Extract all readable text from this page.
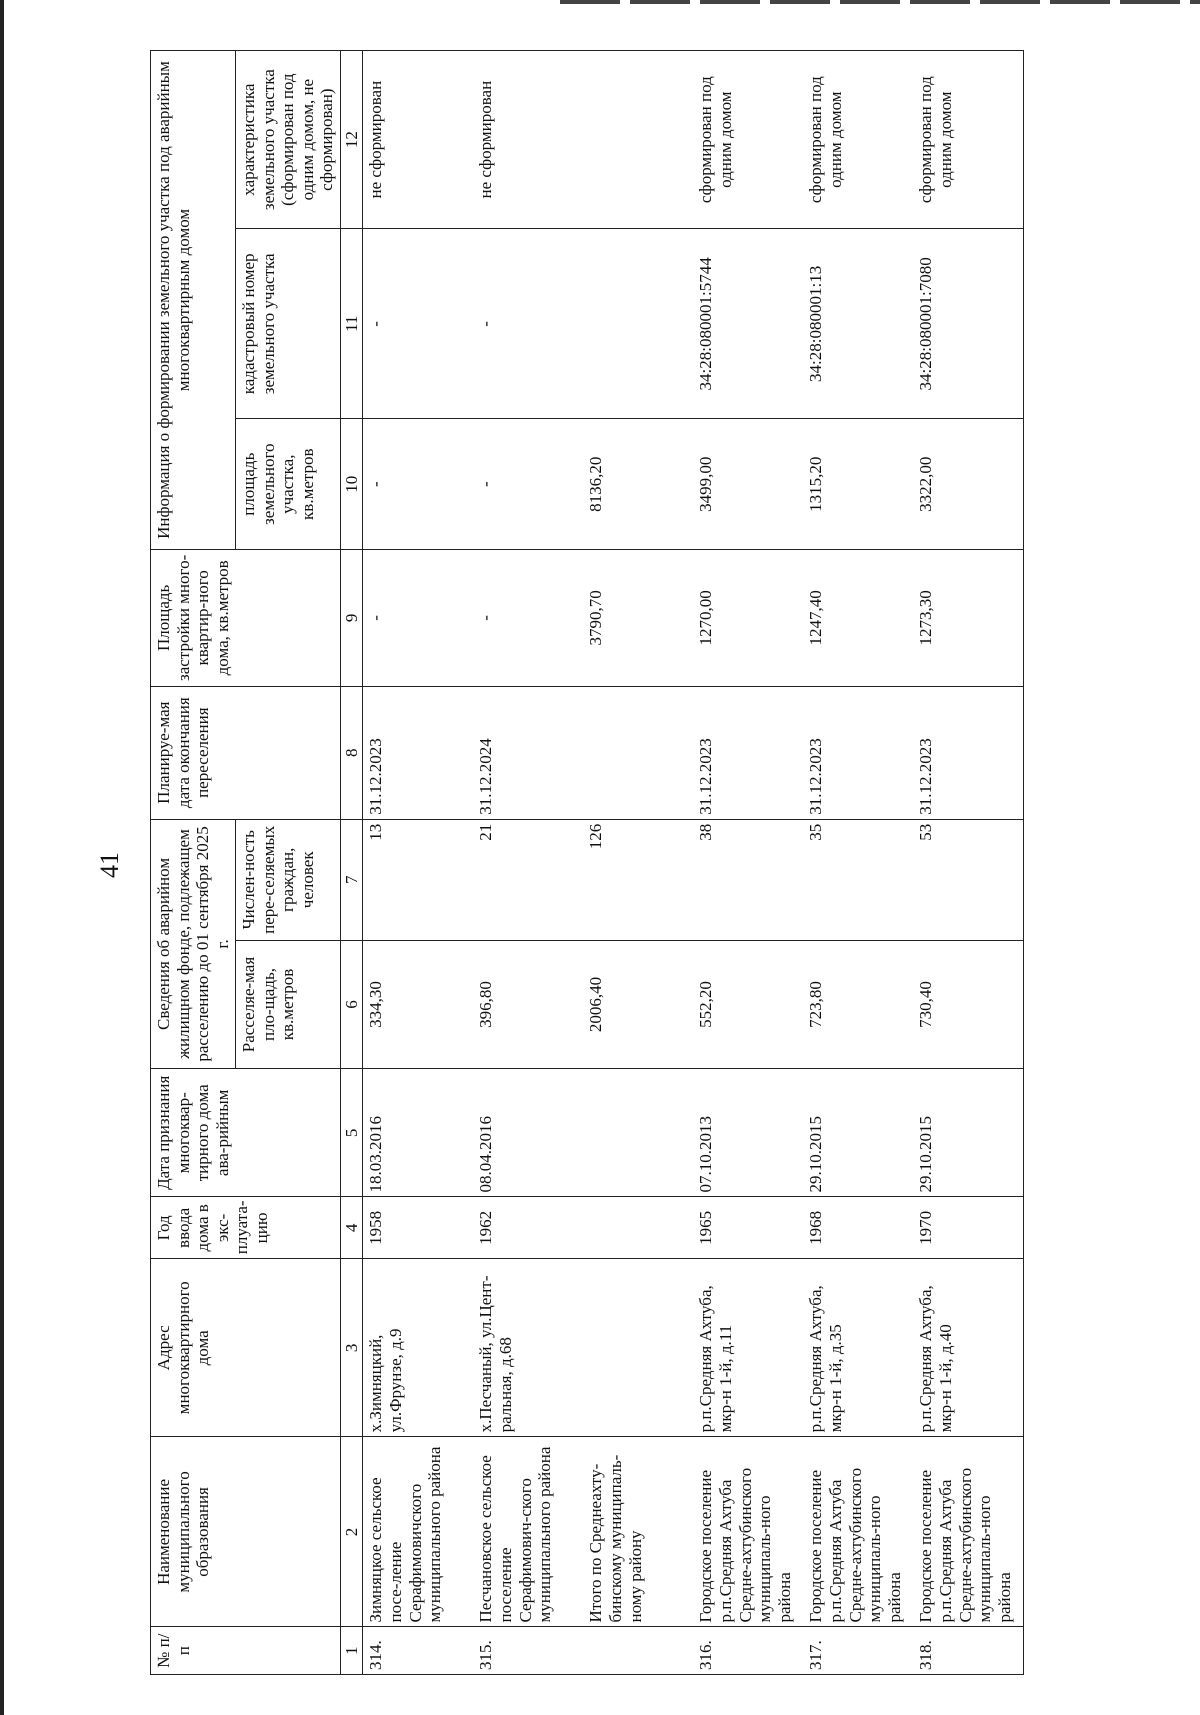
41
№ п/п	Наименование муниципального образования	Адрес многоквартирного дома	Год ввода дома в экс-плуата-цию	Дата признания многоквар-тирного дома ава-рийным	Сведения об аварийном жилищном фонде, подлежащем расселению до 01 сентября 2025 г.		Планируе-мая дата окончания переселения	Площадь застройки много-квартир-ного дома, кв.метров	Информация о формировании земельного участка под аварийным многоквартирным домом		
					Расселяе-мая пло-щадь, кв.метров	Числен-ность пере-селяемых граждан, человек			площадь земельного участка, кв.метров	кадастровый номер земельного участка	характеристика земельного участка (сформирован под одним домом, не сформирован)
1	2	3	4	5	6	7	8	9	10	11	12
314.	Зимняцкое сельское посе-ление Серафимовичского муниципального района	х.Зимняцкий, ул.Фрунзе, д.9	1958	18.03.2016	334,30	13	31.12.2023	-	-	-	не сформирован
315.	Песчановское сельское поселение Серафимович-ского муниципального района	х.Песчаный, ул.Цент-ральная, д.68	1962	08.04.2016	396,80	21	31.12.2024	-	-	-	не сформирован
	Итого по Среднеахту-бинскому муниципаль-ному району				2006,40	126		3790,70	8136,20		
316.	Городское поселение р.п.Средняя Ахтуба Средне-ахтубинского муниципаль-ного района	р.п.Средняя Ахтуба, мкр-н 1-й, д.11	1965	07.10.2013	552,20	38	31.12.2023	1270,00	3499,00	34:28:080001:5744	сформирован под одним домом
317.	Городское поселение р.п.Средняя Ахтуба Средне-ахтубинского муниципаль-ного района	р.п.Средняя Ахтуба, мкр-н 1-й, д.35	1968	29.10.2015	723,80	35	31.12.2023	1247,40	1315,20	34:28:080001:13	сформирован под одним домом
318.	Городское поселение р.п.Средняя Ахтуба Средне-ахтубинского муниципаль-ного района	р.п.Средняя Ахтуба, мкр-н 1-й, д.40	1970	29.10.2015	730,40	53	31.12.2023	1273,30	3322,00	34:28:080001:7080	сформирован под одним домом
